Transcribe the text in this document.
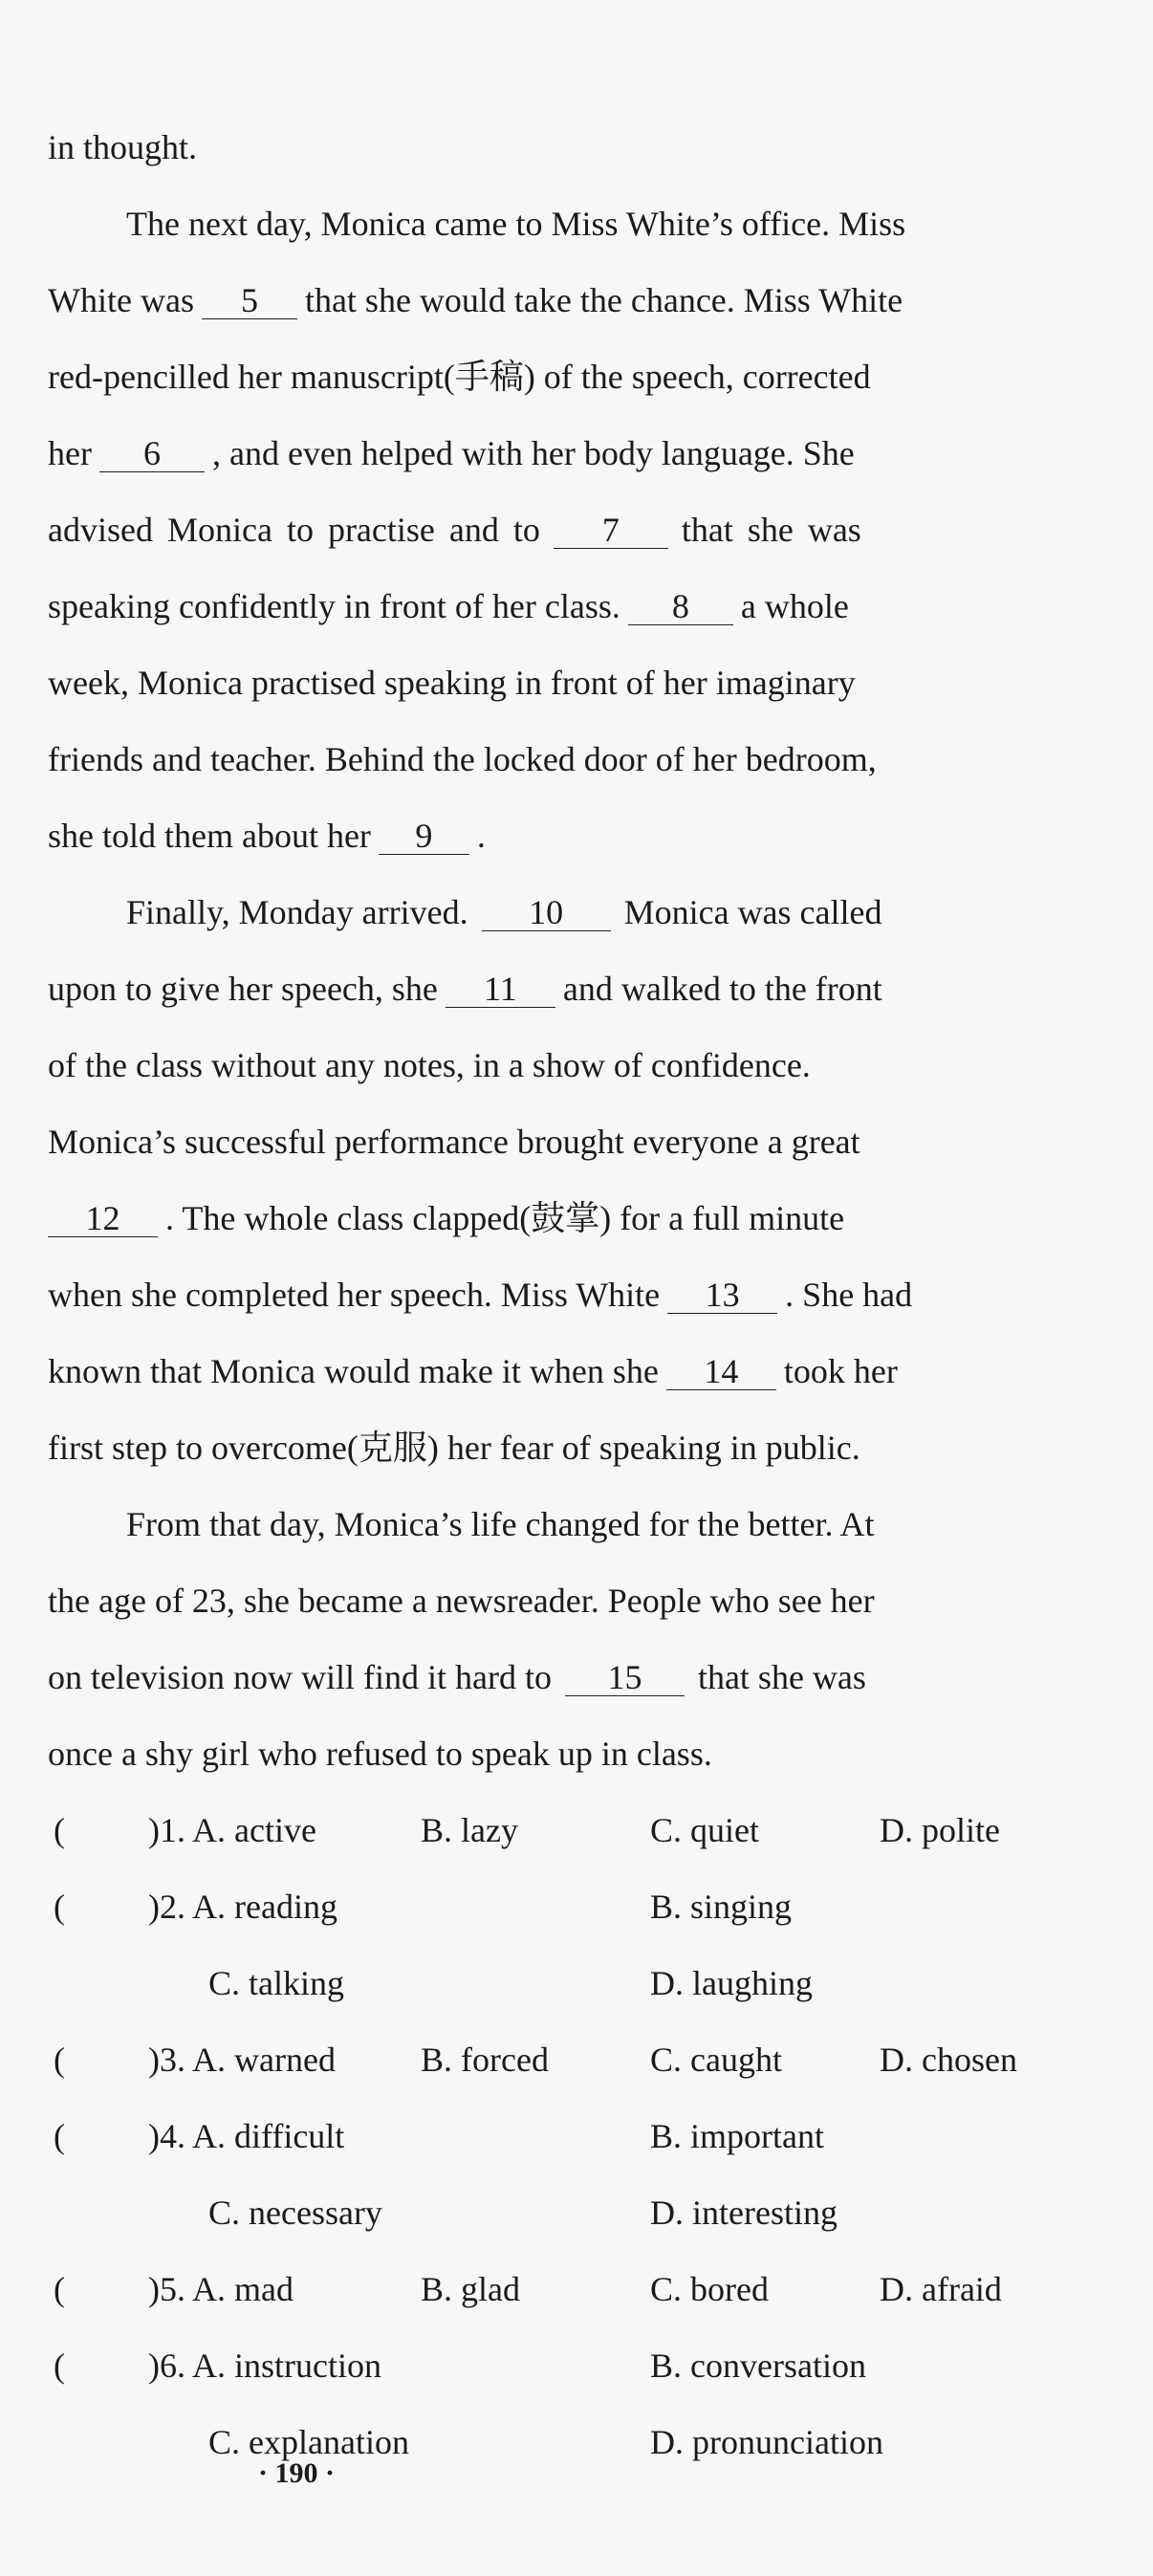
in thought.
The next day, Monica came to Miss White’s office. Miss
White was 5 that she would take the chance. Miss White
red-pencilled her manuscript(手稿) of the speech, corrected
her 6 , and even helped with her body language. She
advised Monica to practise and to 7 that she was
speaking confidently in front of her class. 8 a whole
week, Monica practised speaking in front of her imaginary
friends and teacher. Behind the locked door of her bedroom,
she told them about her 9 .
Finally, Monday arrived. 10 Monica was called
upon to give her speech, she 11 and walked to the front
of the class without any notes, in a show of confidence.
Monica’s successful performance brought everyone a great
12 . The whole class clapped(鼓掌) for a full minute
when she completed her speech. Miss White 13 . She had
known that Monica would make it when she 14 took her
first step to overcome(克服) her fear of speaking in public.
From that day, Monica’s life changed for the better. At
the age of 23, she became a newsreader. People who see her
on television now will find it hard to 15 that she was
once a shy girl who refused to speak up in class.
( )1. A. active	B. lazy	C. quiet	D. polite
( )2. A. reading	B. singing
C. talking	D. laughing
( )3. A. warned B. forced	C. caught	D. chosen
( )4. A. difficult	B. important
C. necessary	D. interesting
( )5. A. mad	B. glad	C. bored	D. afraid
( )6. A. instruction	B. conversation
C. explanation	D. pronunciation
· 190 ·
